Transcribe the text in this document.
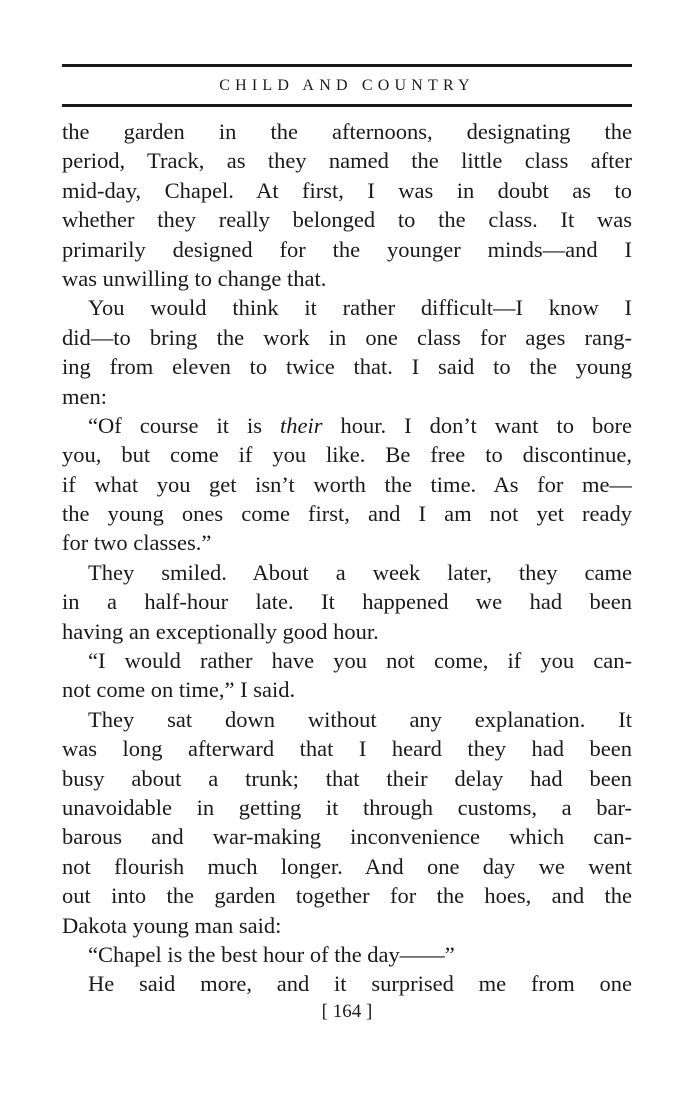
CHILD AND COUNTRY
the garden in the afternoons, designating the
period, Track, as they named the little class after
mid-day, Chapel. At first, I was in doubt as to
whether they really belonged to the class. It was
primarily designed for the younger minds—and I
was unwilling to change that.
You would think it rather difficult—I know I
did—to bring the work in one class for ages rang-
ing from eleven to twice that. I said to the young
men:
“Of course it is their hour. I don’t want to bore
you, but come if you like. Be free to discontinue,
if what you get isn’t worth the time. As for me—
the young ones come first, and I am not yet ready
for two classes.”
They smiled. About a week later, they came
in a half-hour late. It happened we had been
having an exceptionally good hour.
“I would rather have you not come, if you can-
not come on time,” I said.
They sat down without any explanation. It
was long afterward that I heard they had been
busy about a trunk; that their delay had been
unavoidable in getting it through customs, a bar-
barous and war-making inconvenience which can-
not flourish much longer. And one day we went
out into the garden together for the hoes, and the
Dakota young man said:
“Chapel is the best hour of the day——”
He said more, and it surprised me from one
[ 164 ]
